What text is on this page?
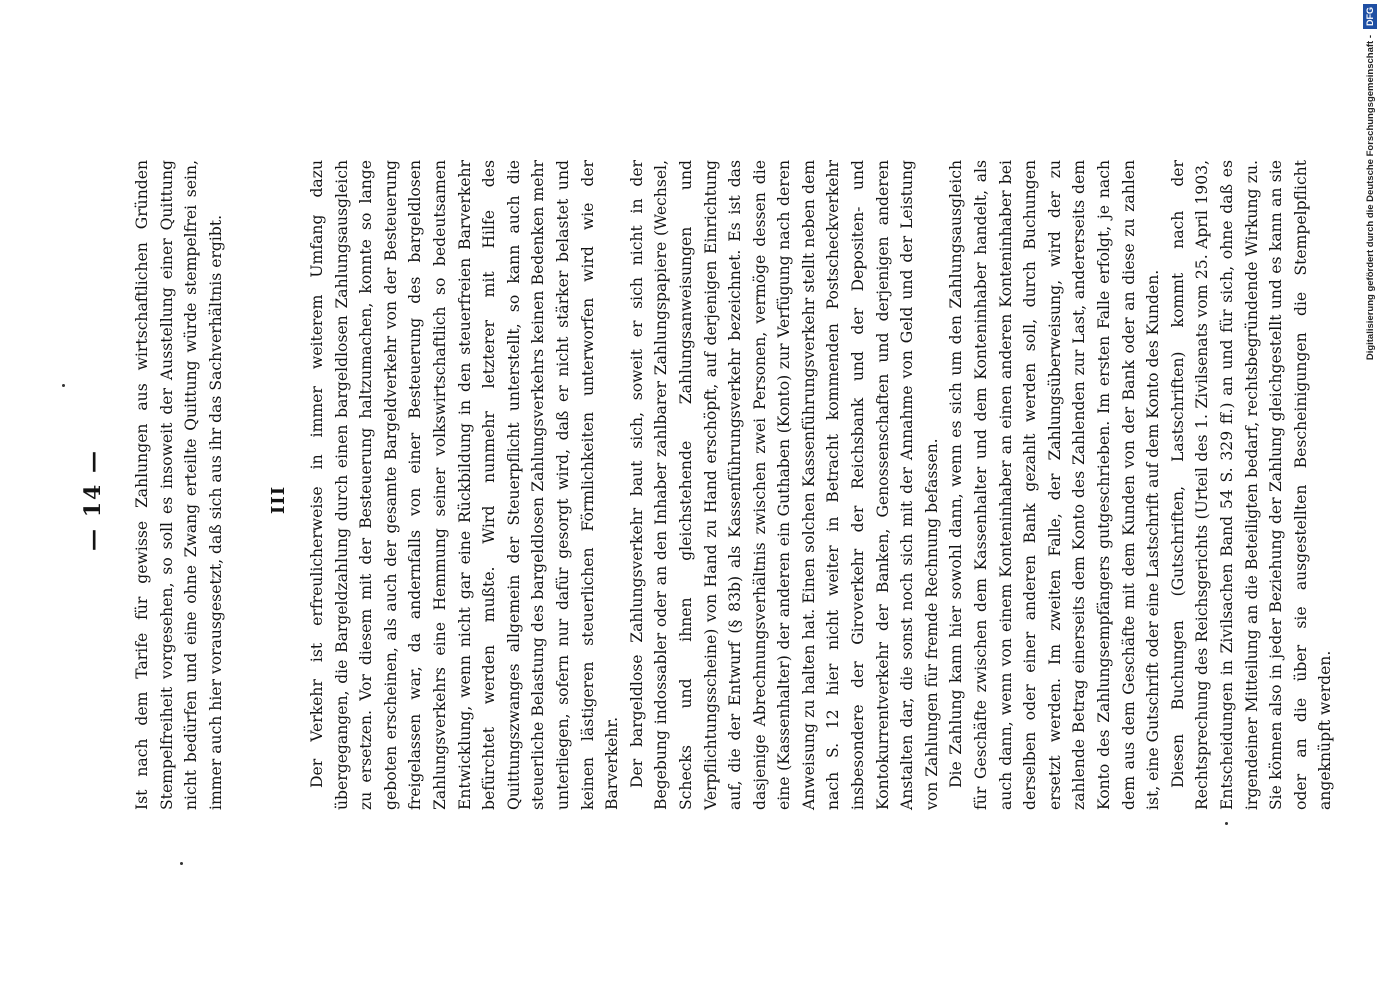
— 14 — Ist nach dem Tarife für gewisse Zahlungen aus wirtschaftlichen Gründen Stempelfreiheit vorgesehen, so soll es insoweit der Ausstellung einer Quittung nicht bedürfen und eine ohne Zwang erteilte Quittung würde stempelfrei sein, immer auch hier vorausgesetzt, daß sich aus ihr das Sachverhältnis ergibt. III Der Verkehr ist erfreulicherweise in immer weiterem Umfang dazu übergegangen, die Bargeldzahlung durch einen bargeldlosen Zahlungsausgleich zu ersetzen. Vor diesem mit der Besteuerung haltzumachen, konnte so lange geboten erscheinen, als auch der gesamte Bargeldverkehr von der Besteuerung freigelassen war, da andernfalls von einer Besteuerung des bargeldlosen Zahlungsverkehrs eine Hemmung seiner volkswirtschaftlich so bedeutsamen Entwicklung, wenn nicht gar eine Rückbildung in den steuerfreien Barverkehr befürchtet werden mußte. Wird nunmehr letzterer mit Hilfe des Quittungszwanges allgemein der Steuerpflicht unterstellt, so kann auch die steuerliche Belastung des bargeldlosen Zahlungsverkehrs keinen Bedenken mehr unterliegen, sofern nur dafür gesorgt wird, daß er nicht stärker belastet und keinen lästigeren steuerlichen Förmlichkeiten unterworfen wird wie der Barverkehr. Der bargeldlose Zahlungsverkehr baut sich, soweit er sich nicht in der Begebung indossabler oder an den Inhaber zahlbarer Zahlungspapiere (Wechsel, Schecks und ihnen gleichstehende Zahlungsanweisungen und Verpflichtungsscheine) von Hand zu Hand erschöpft, auf derjenigen Einrichtung auf, die der Entwurf (§ 83b) als Kassenführungsverkehr bezeichnet. Es ist das dasjenige Abrechnungsverhältnis zwischen zwei Personen, vermöge dessen die eine (Kassenhalter) der anderen ein Guthaben (Konto) zur Verfügung nach deren Anweisung zu halten hat. Einen solchen Kassenführungsverkehr stellt neben dem nach S. 12 hier nicht weiter in Betracht kommenden Postscheckverkehr insbesondere der Giroverkehr der Reichsbank und der Depositen- und Kontokurrentverkehr der Banken, Genossenschaften und derjenigen anderen Anstalten dar, die sonst noch sich mit der Annahme von Geld und der Leistung von Zahlungen für fremde Rechnung befassen. Die Zahlung kann hier sowohl dann, wenn es sich um den Zahlungsausgleich für Geschäfte zwischen dem Kassenhalter und dem Konteninhaber handelt, als auch dann, wenn von einem Konteninhaber an einen anderen Konteninhaber bei derselben oder einer anderen Bank gezahlt werden soll, durch Buchungen ersetzt werden. Im zweiten Falle, der Zahlungsüberweisung, wird der zu zahlende Betrag einerseits dem Konto des Zahlenden zur Last, andererseits dem Konto des Zahlungsempfängers gutgeschrieben. Im ersten Falle erfolgt, je nach dem aus dem Geschäfte mit dem Kunden von der Bank oder an diese zu zahlen ist, eine Gutschrift oder eine Lastschrift auf dem Konto des Kunden. Diesen Buchungen (Gutschriften, Lastschriften) kommt nach der Rechtsprechung des Reichsgerichts (Urteil des 1. Zivilsenats vom 25. April 1903, Entscheidungen in Zivilsachen Band 54 S. 329 ff.) an und für sich, ohne daß es irgendeiner Mitteilung an die Beteiligten bedarf, rechtsbegründende Wirkung zu. Sie können also in jeder Beziehung der Zahlung gleichgestellt und es kann an sie oder an die über sie ausgestellten Bescheinigungen die Stempelpflicht angeknüpft werden.

Digitalisierung gefördert durch die Deutsche Forschungsgemeinschaft -
DFG
